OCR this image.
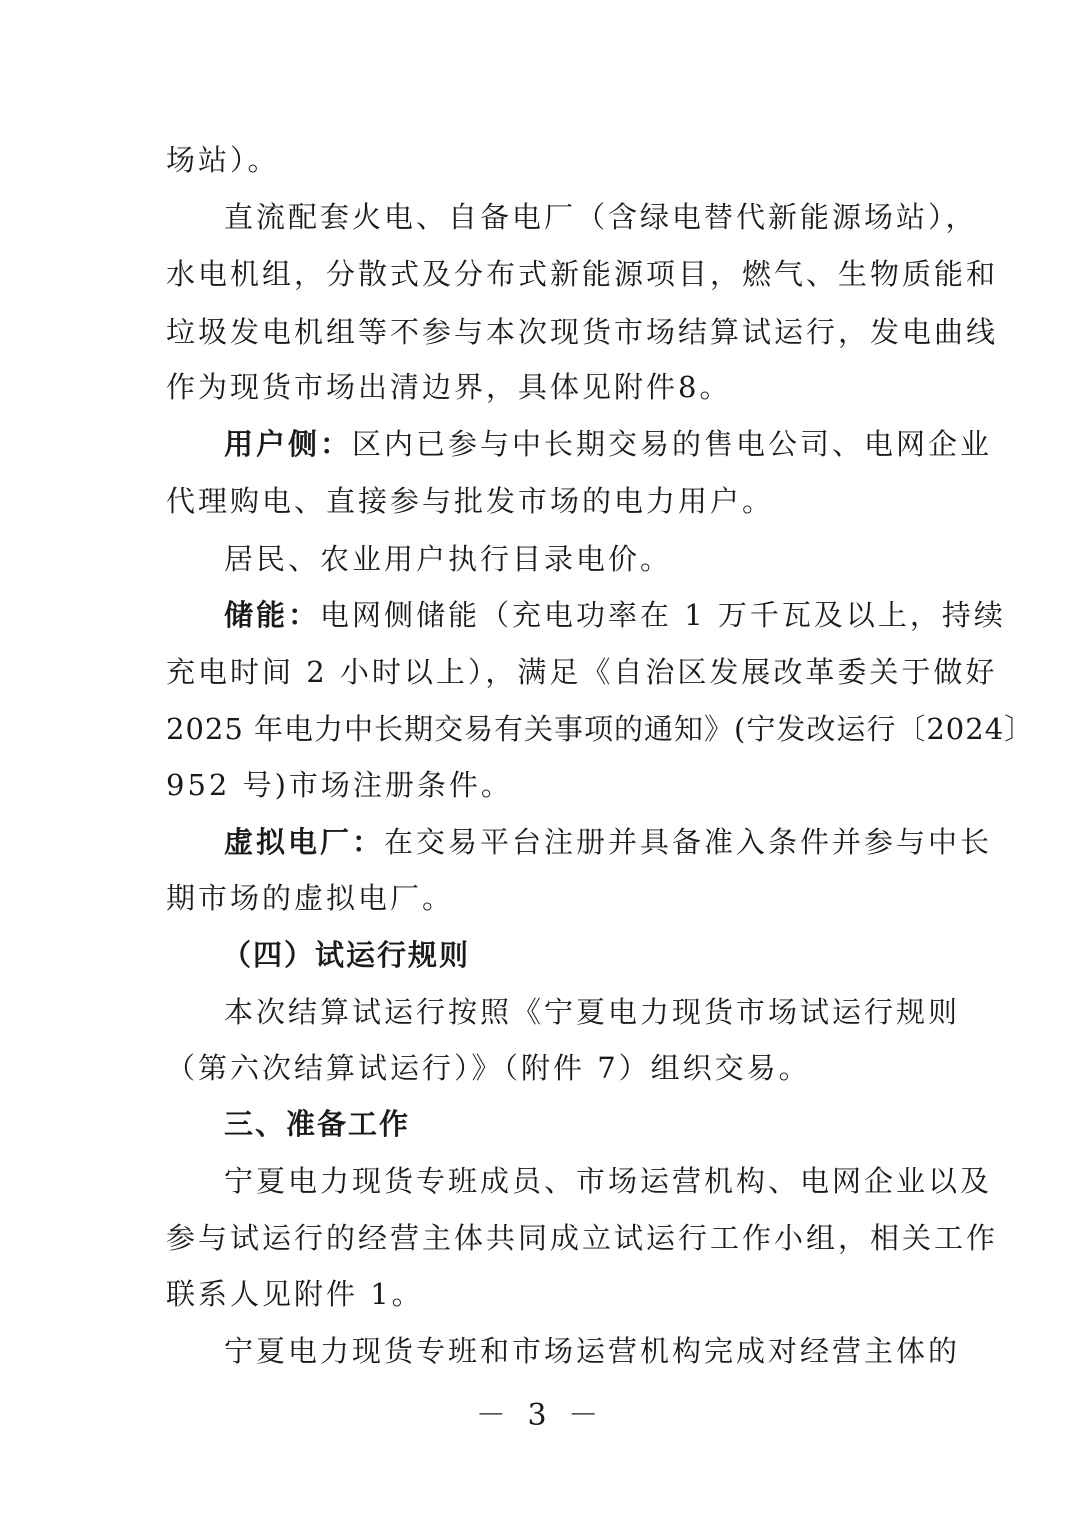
场站）。
直流配套火电、自备电厂（含绿电替代新能源场站），
水电机组，分散式及分布式新能源项目，燃气、生物质能和
垃圾发电机组等不参与本次现货市场结算试运行，发电曲线
作为现货市场出清边界，具体见附件8。
用户侧：区内已参与中长期交易的售电公司、电网企业
代理购电、直接参与批发市场的电力用户。
居民、农业用户执行目录电价。
储能：电网侧储能（充电功率在 1 万千瓦及以上，持续
充电时间 2 小时以上），满足《自治区发展改革委关于做好
2025 年电力中长期交易有关事项的通知》(宁发改运行〔2024〕
952 号)市场注册条件。
虚拟电厂：在交易平台注册并具备准入条件并参与中长
期市场的虚拟电厂。
（四）试运行规则
本次结算试运行按照《宁夏电力现货市场试运行规则
（第六次结算试运行）》（附件 7）组织交易。
三、准备工作
宁夏电力现货专班成员、市场运营机构、电网企业以及
参与试运行的经营主体共同成立试运行工作小组，相关工作
联系人见附件 1。
宁夏电力现货专班和市场运营机构完成对经营主体的
－ 3 －
